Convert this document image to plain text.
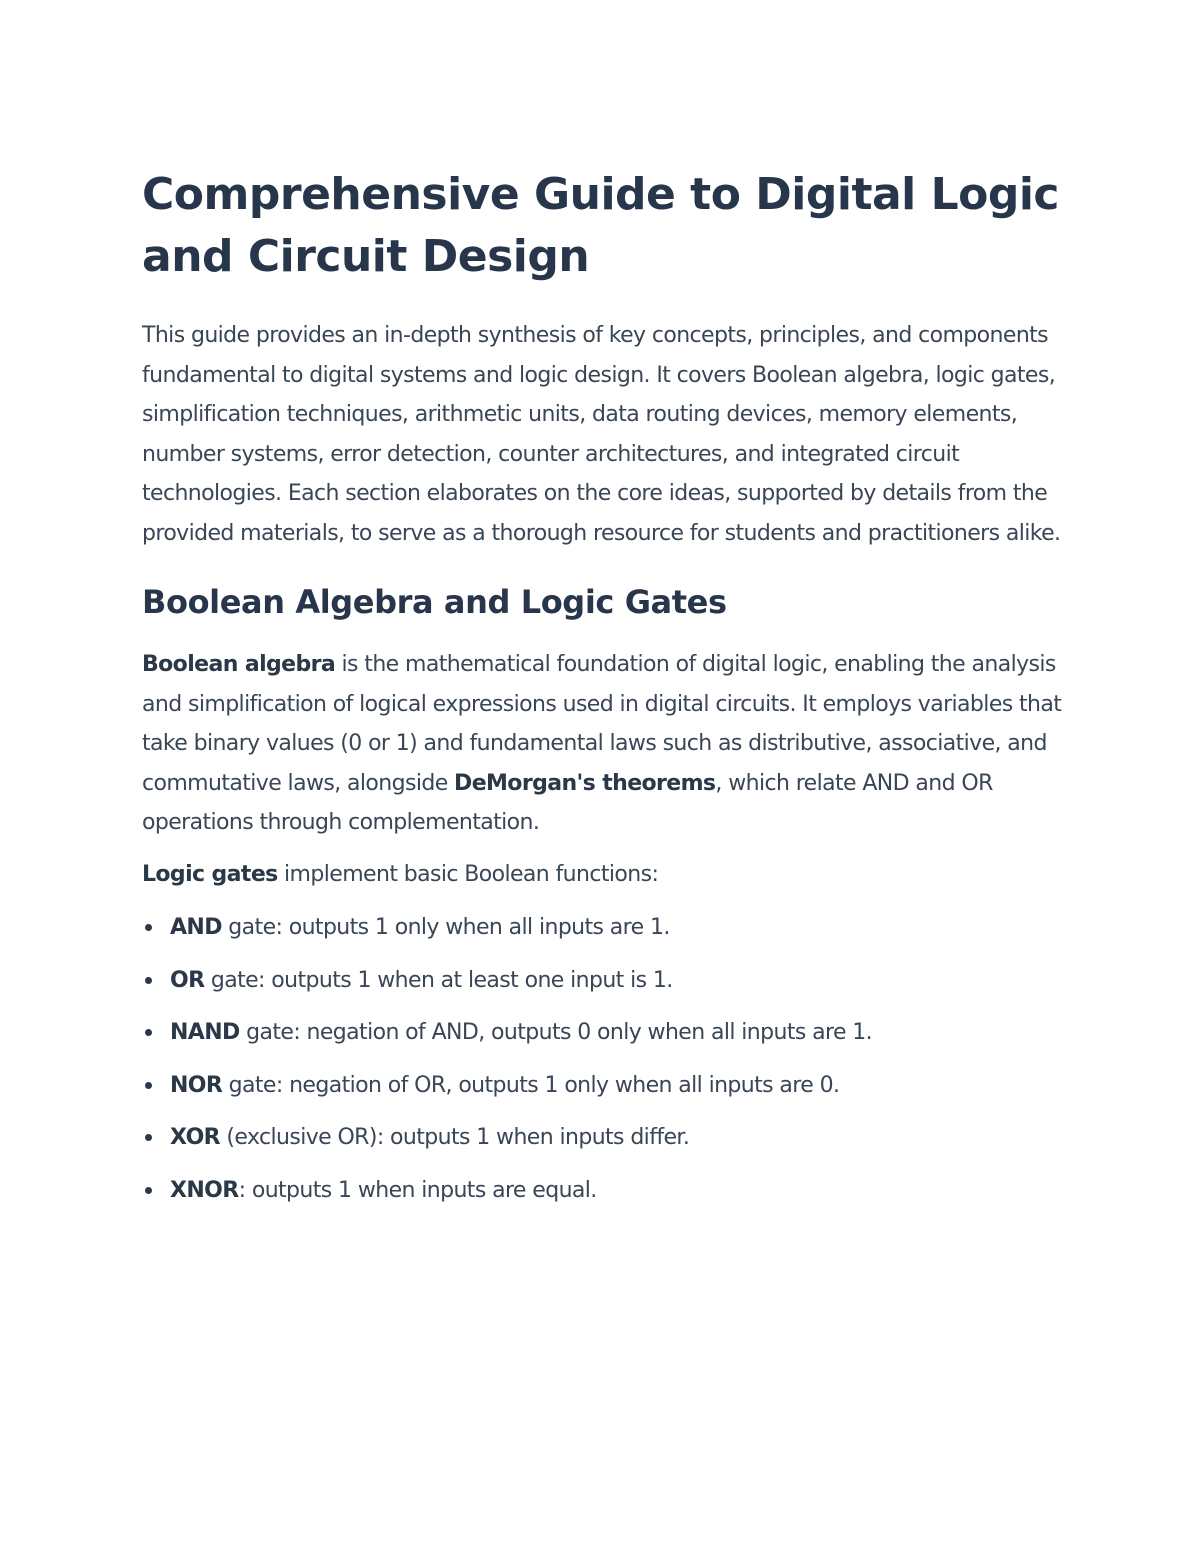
Comprehensive Guide to Digital Logic and Circuit Design

This guide provides an in-depth synthesis of key concepts, principles, and components fundamental to digital systems and logic design. It covers Boolean algebra, logic gates, simplification techniques, arithmetic units, data routing devices, memory elements, number systems, error detection, counter architectures, and integrated circuit technologies. Each section elaborates on the core ideas, supported by details from the provided materials, to serve as a thorough resource for students and practitioners alike.

Boolean Algebra and Logic Gates

Boolean algebra is the mathematical foundation of digital logic, enabling the analysis and simplification of logical expressions used in digital circuits. It employs variables that take binary values (0 or 1) and fundamental laws such as distributive, associative, and commutative laws, alongside DeMorgan's theorems, which relate AND and OR operations through complementation.

Logic gates implement basic Boolean functions:

AND gate: outputs 1 only when all inputs are 1.
OR gate: outputs 1 when at least one input is 1.
NAND gate: negation of AND, outputs 0 only when all inputs are 1.
NOR gate: negation of OR, outputs 1 only when all inputs are 0.
XOR (exclusive OR): outputs 1 when inputs differ.
XNOR: outputs 1 when inputs are equal.
